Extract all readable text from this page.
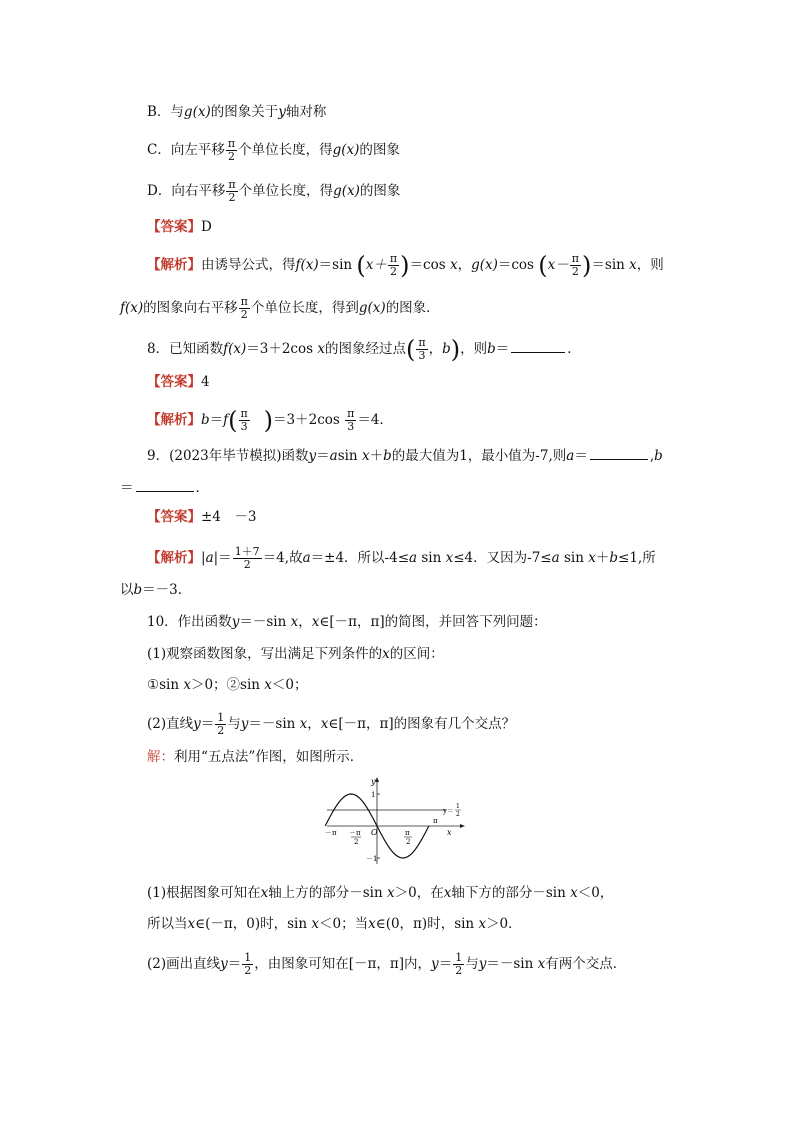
B．与g(x)的图象关于y轴对称
C．向左平移 $\frac{\pi}{2}$ 个单位长度，得g(x)的图象
D．向右平移 $\frac{\pi}{2}$ 个单位长度，得g(x)的图象
【答案】D
【解析】由诱导公式，得f(x)＝sin $(x+ \frac{\pi}{2} )=\cos$ x，g(x)＝cos $(x- \frac{\pi}{2} )=\sin$ x，则
f(x)的图象向右平移 $\frac{\pi}{2}$ 个单位长度，得到g(x)的图象．
8．已知函数f(x)＝3＋2cos x的图象经过点( $\frac{\pi}{3}$ ，b)，则b＝	．
【答案】4
【解析】$b=f( \frac{\pi}{3} )=3+2\cos \frac{\pi}{3} =4$．
9．(2023年毕节模拟)函数y＝asin x＋b的最大值为1，最小值为-7,则a＝	,b
＝	．
【答案】±4　－3
【解析】$|a|= \frac{1+7}{2} =4$,故a＝±4．所以-4≤a sin x≤4．又因为-7≤a sin x＋b≤1,所
以b＝－3．
10．作出函数y＝－sin x，x∈[－π，π]的简图，并回答下列问题：
(1)观察函数图象，写出满足下列条件的x的区间：
①sin x＞0；②sin x＜0；
(2)直线$y= \frac{1}{2}$ 与y＝－sin x，x∈[－π，π]的图象有几个交点？
解：利用“五点法”作图，如图所示．
y
x
O
1
－1
－π
π
－π
2
π
2
y＝
1
2
(1)根据图象可知在x轴上方的部分－sin x＞0，在x轴下方的部分－sin x＜0，
所以当x∈(－π，0)时，sin x＜0；当x∈(0，π)时，sin x＞0．
(2)画出直线$y= \frac{1}{2}$ ，由图象可知在[－π，π]内，$y= \frac{1}{2}$ 与y＝－sin x有两个交点．
